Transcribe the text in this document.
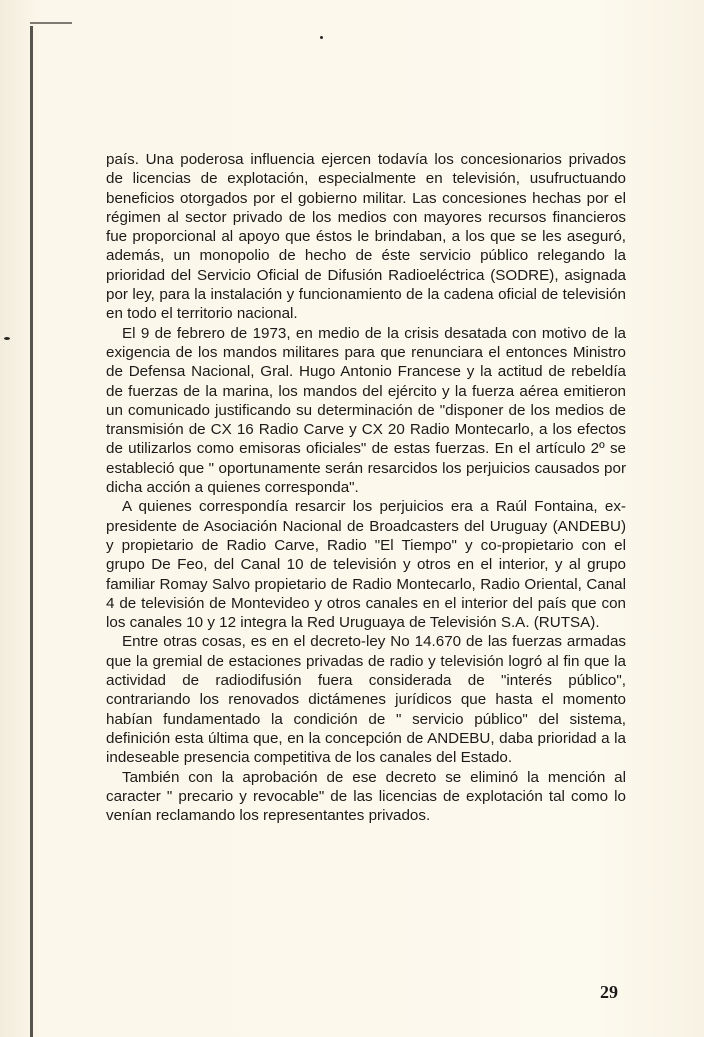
país. Una poderosa influencia ejercen todavía los concesionarios privados de licencias de explotación, especialmente en televisión, usufructuando beneficios otorgados por el gobierno militar. Las concesiones hechas por el régimen al sector privado de los medios con mayores recursos financieros fue proporcional al apoyo que éstos le brindaban, a los que se les aseguró, además, un monopolio de hecho de éste servicio público relegando la prioridad del Servicio Oficial de Difusión Radioeléctrica (SODRE), asignada por ley, para la instalación y funcionamiento de la cadena oficial de televisión en todo el territorio nacional.

El 9 de febrero de 1973, en medio de la crisis desatada con motivo de la exigencia de los mandos militares para que renunciara el entonces Ministro de Defensa Nacional, Gral. Hugo Antonio Francese y la actitud de rebeldía de fuerzas de la marina, los mandos del ejército y la fuerza aérea emitieron un comunicado justificando su determinación de "disponer de los medios de transmisión de CX 16 Radio Carve y CX 20 Radio Montecarlo, a los efectos de utilizarlos como emisoras oficiales" de estas fuerzas. En el artículo 2º se estableció que " oportunamente serán resarcidos los perjuicios causados por dicha acción a quienes corresponda".

A quienes correspondía resarcir los perjuicios era a Raúl Fontaina, ex-presidente de Asociación Nacional de Broadcasters del Uruguay (ANDEBU) y propietario de Radio Carve, Radio "El Tiempo" y co-propietario con el grupo De Feo, del Canal 10 de televisión y otros en el interior, y al grupo familiar Romay Salvo propietario de Radio Montecarlo, Radio Oriental, Canal 4 de televisión de Montevideo y otros canales en el interior del país que con los canales 10 y 12 integra la Red Uruguaya de Televisión S.A. (RUTSA).

Entre otras cosas, es en el decreto-ley No 14.670 de las fuerzas armadas que la gremial de estaciones privadas de radio y televisión logró al fin que la actividad de radiodifusión fuera considerada de "interés público", contrariando los renovados dictámenes jurídicos que hasta el momento habían fundamentado la condición de " servicio público" del sistema, definición esta última que, en la concepción de ANDEBU, daba prioridad a la indeseable presencia competitiva de los canales del Estado.

También con la aprobación de ese decreto se eliminó la mención al caracter " precario y revocable" de las licencias de explotación tal como lo venían reclamando los representantes privados.

29
